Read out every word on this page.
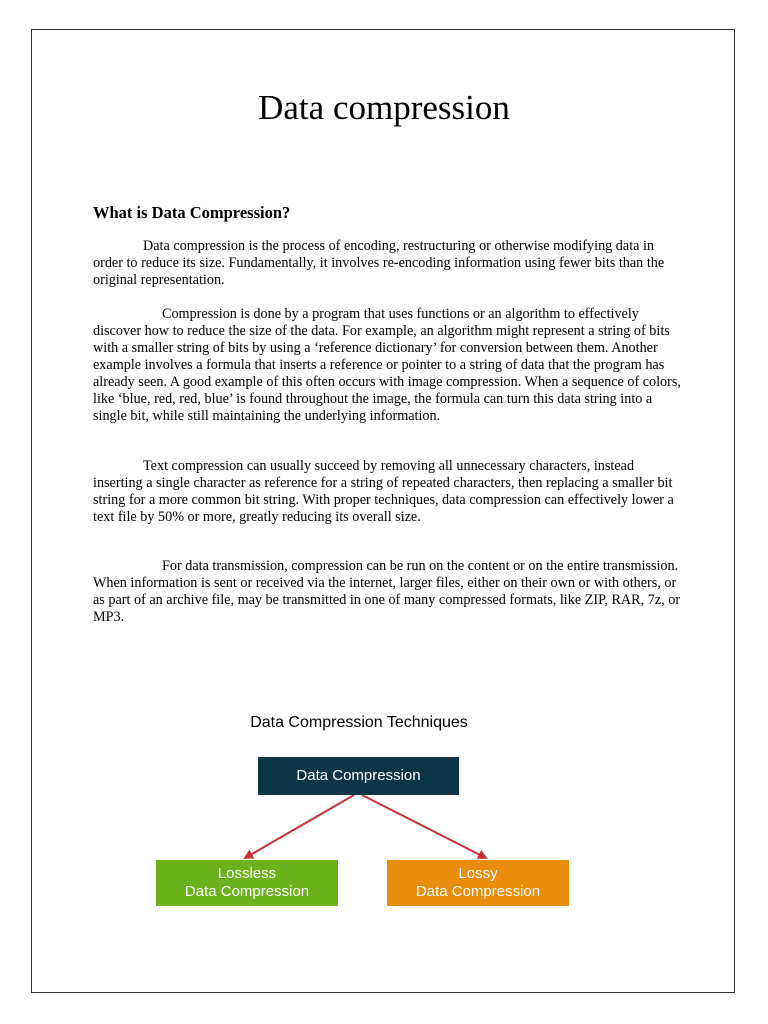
Data compression
What is Data Compression?

Data compression is the process of encoding, restructuring or otherwise modifying data in order to reduce its size. Fundamentally, it involves re-encoding information using fewer bits than the original representation.

Compression is done by a program that uses functions or an algorithm to effectively discover how to reduce the size of the data. For example, an algorithm might represent a string of bits with a smaller string of bits by using a ‘reference dictionary’ for conversion between them. Another example involves a formula that inserts a reference or pointer to a string of data that the program has already seen. A good example of this often occurs with image compression. When a sequence of colors, like ‘blue, red, red, blue’ is found throughout the image, the formula can turn this data string into a single bit, while still maintaining the underlying information.

Text compression can usually succeed by removing all unnecessary characters, instead inserting a single character as reference for a string of repeated characters, then replacing a smaller bit string for a more common bit string. With proper techniques, data compression can effectively lower a text file by 50% or more, greatly reducing its overall size.

For data transmission, compression can be run on the content or on the entire transmission. When information is sent or received via the internet, larger files, either on their own or with others, or as part of an archive file, may be transmitted in one of many compressed formats, like ZIP, RAR, 7z, or MP3.

Data Compression Techniques
Data Compression
Lossless
Data Compression
Lossy
Data Compression
